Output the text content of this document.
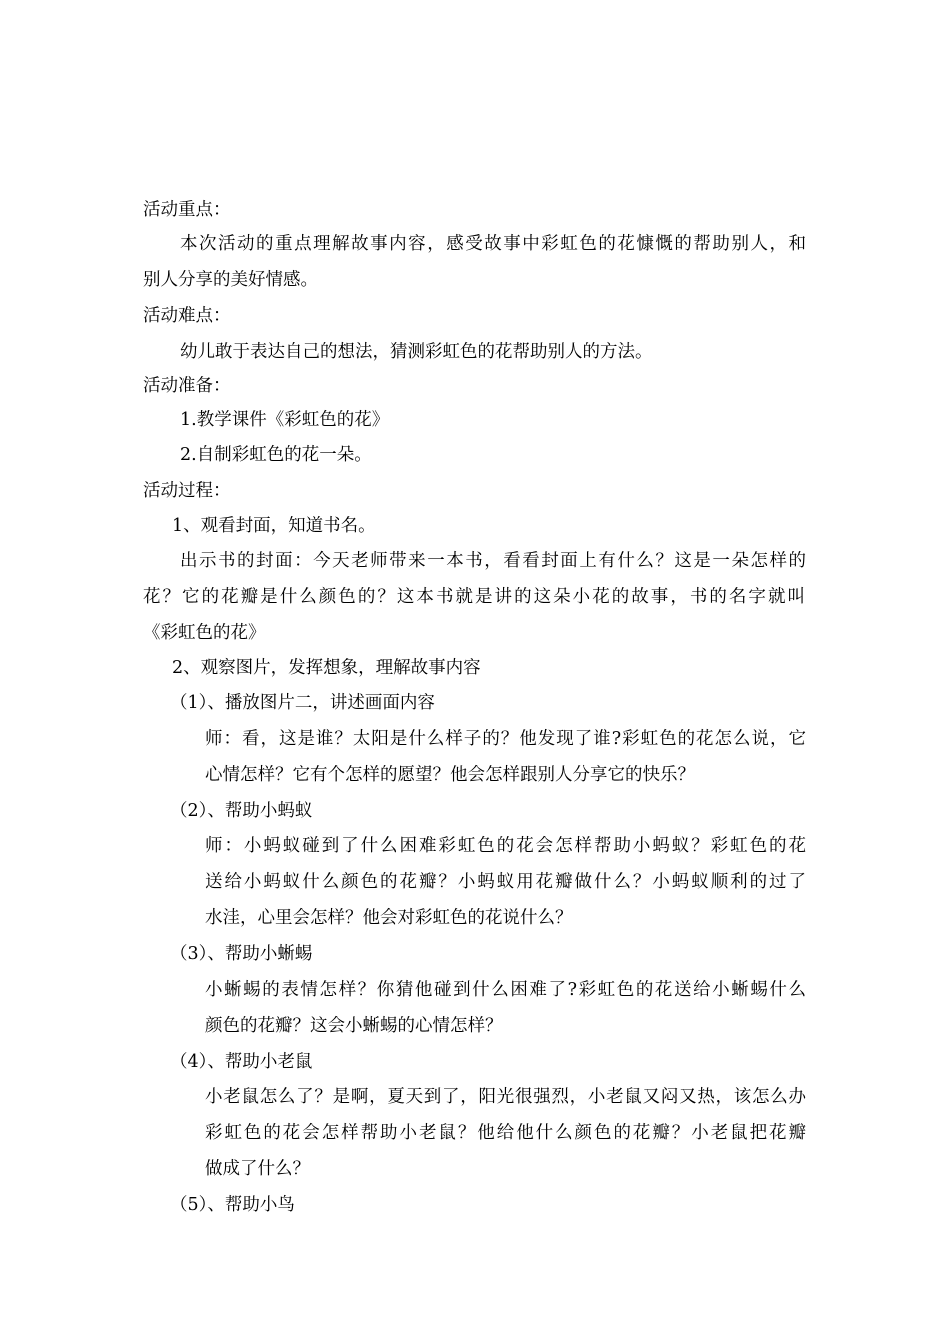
活动重点：
本次活动的重点理解故事内容，感受故事中彩虹色的花慷慨的帮助别人，和
别人分享的美好情感。
活动难点：
幼儿敢于表达自己的想法，猜测彩虹色的花帮助别人的方法。
活动准备：
1.教学课件《彩虹色的花》
2.自制彩虹色的花一朵。
活动过程：
1、观看封面，知道书名。
出示书的封面：今天老师带来一本书，看看封面上有什么？这是一朵怎样的
花？它的花瓣是什么颜色的？这本书就是讲的这朵小花的故事，书的名字就叫
《彩虹色的花》
2、观察图片，发挥想象，理解故事内容
（1）、播放图片二，讲述画面内容
师：看，这是谁？太阳是什么样子的？他发现了谁?彩虹色的花怎么说，它
心情怎样？它有个怎样的愿望？他会怎样跟别人分享它的快乐？
（2）、帮助小蚂蚁
师：小蚂蚁碰到了什么困难彩虹色的花会怎样帮助小蚂蚁？彩虹色的花
送给小蚂蚁什么颜色的花瓣？小蚂蚁用花瓣做什么？小蚂蚁顺利的过了
水洼，心里会怎样？他会对彩虹色的花说什么？
（3）、帮助小蜥蜴
小蜥蜴的表情怎样？你猜他碰到什么困难了?彩虹色的花送给小蜥蜴什么
颜色的花瓣？这会小蜥蜴的心情怎样？
（4）、帮助小老鼠
小老鼠怎么了？是啊，夏天到了，阳光很强烈，小老鼠又闷又热，该怎么办
彩虹色的花会怎样帮助小老鼠？他给他什么颜色的花瓣？小老鼠把花瓣
做成了什么？
（5）、帮助小鸟
